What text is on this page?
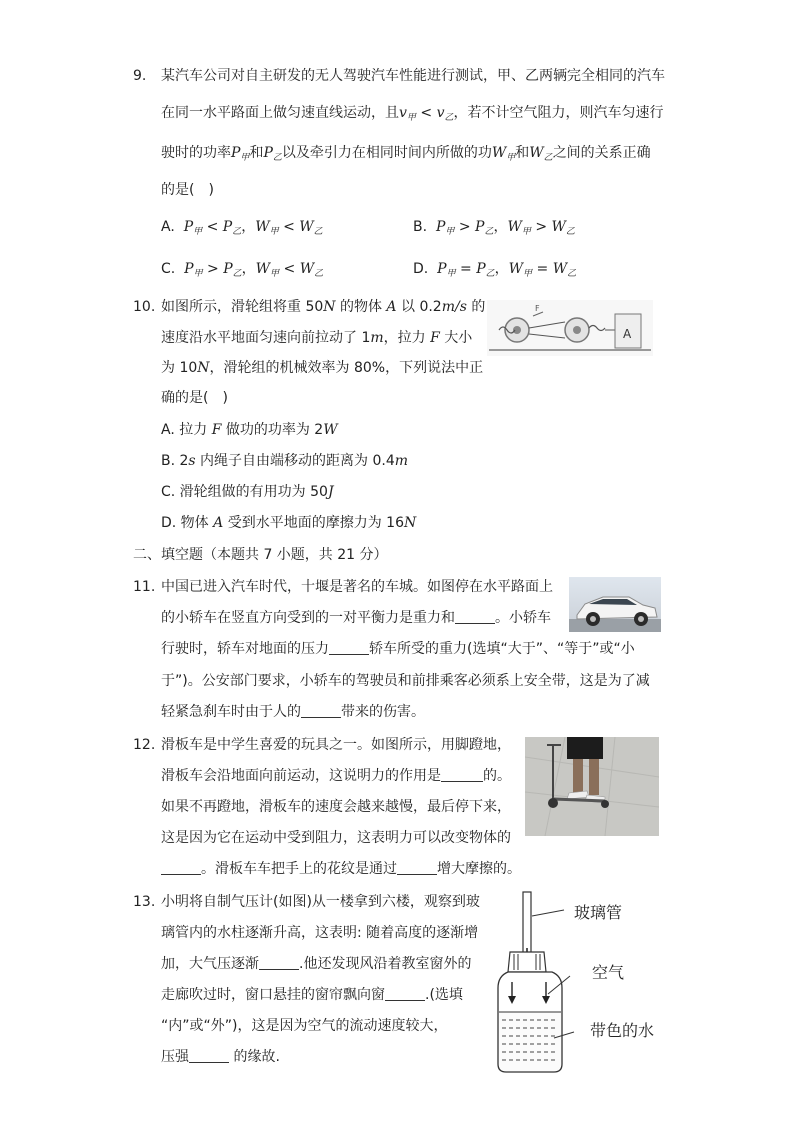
9. 某汽车公司对自主研发的无人驾驶汽车性能进行测试，甲、乙两辆完全相同的汽车
在同一水平路面上做匀速直线运动，且$v_甲 < v_乙$，若不计空气阻力，则汽车匀速行
驶时的功率$P_甲$和$P_乙$以及牵引力在相同时间内所做的功$W_甲$和$W_乙$之间的关系正确
的是(　)
A. $P_甲 < P_乙$，$W_甲 < W_乙$	B. $P_甲 > P_乙$，$W_甲 > W_乙$
C. $P_甲 > P_乙$，$W_甲 < W_乙$	D. $P_甲 = P_乙$，$W_甲 = W_乙$
10. 如图所示，滑轮组将重 50N 的物体 A 以 0.2m/s 的
速度沿水平地面匀速向前拉动了 1m，拉力 F 大小
为 10N，滑轮组的机械效率为 80%，下列说法中正
确的是(　)
A. 拉力 F 做功的功率为 2W
B. 2s 内绳子自由端移动的距离为 0.4m
C. 滑轮组做的有用功为 50J
D. 物体 A 受到水平地面的摩擦力为 16N
F
A
二、填空题（本题共 7 小题，共 21 分）
11. 中国已进入汽车时代，十堰是著名的车城。如图停在水平路面上
的小轿车在竖直方向受到的一对平衡力是重力和	。小轿车
行驶时，轿车对地面的压力	轿车所受的重力(选填“大于”、“等于”或“小
于”)。公安部门要求，小轿车的驾驶员和前排乘客必须系上安全带，这是为了减
轻紧急刹车时由于人的	带来的伤害。
12. 滑板车是中学生喜爱的玩具之一。如图所示，用脚蹬地，
滑板车会沿地面向前运动，这说明力的作用是	的。
如果不再蹬地，滑板车的速度会越来越慢，最后停下来，
这是因为它在运动中受到阻力，这表明力可以改变物体的
。滑板车车把手上的花纹是通过	增大摩擦的。
13. 小明将自制气压计(如图)从一楼拿到六楼，观察到玻
璃管内的水柱逐渐升高，这表明: 随着高度的逐渐增
加，大气压逐渐	.他还发现风沿着教室窗外的
走廊吹过时，窗口悬挂的窗帘飘向窗	.(选填
“内”或“外”)，这是因为空气的流动速度较大，
压强	的缘故.
玻璃管
空气
带色的水
